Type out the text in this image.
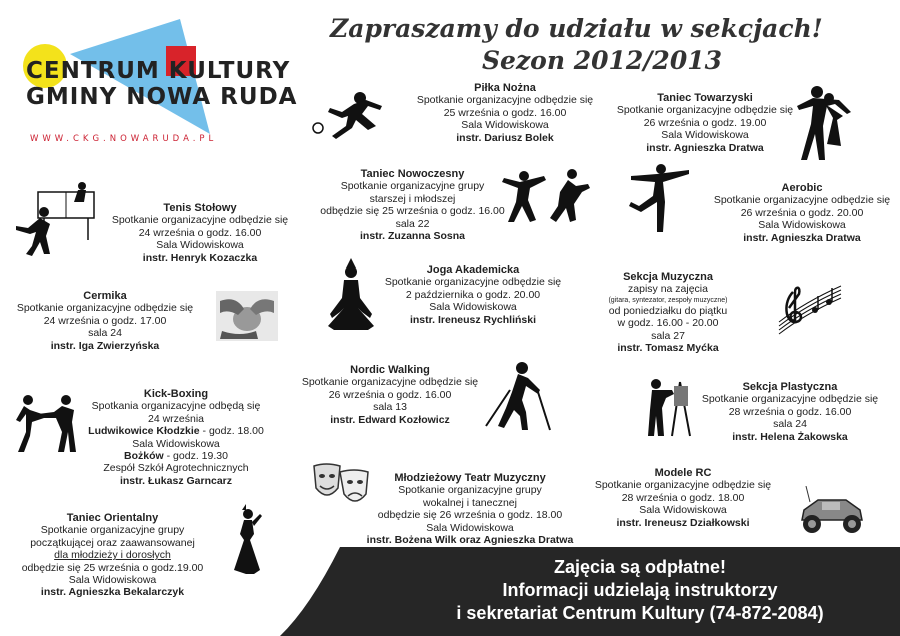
CENTRUM KULTURY
GMINY NOWA RUDA
WWW.CKG.NOWARUDA.PL
Zapraszamy do udziału w sekcjach!
Sezon 2012/2013
Piłka Nożna
Spotkanie organizacyjne odbędzie się
25 września o godz. 16.00
Sala Widowiskowa
instr. Dariusz Bolek
Taniec Towarzyski
Spotkanie organizacyjne odbędzie się
26 września o godz. 19.00
Sala Widowiskowa
instr. Agnieszka Dratwa
Taniec Nowoczesny
Spotkanie organizacyjne grupy
starszej i młodszej
odbędzie się 25 września o godz. 16.00
sala 22
instr. Zuzanna Sosna
Tenis Stołowy
Spotkanie organizacyjne odbędzie się
24 września o godz. 16.00
Sala Widowiskowa
instr. Henryk Kozaczka
Aerobic
Spotkanie organizacyjne odbędzie się
26 września o godz. 20.00
Sala Widowiskowa
instr. Agnieszka Dratwa
Joga Akademicka
Spotkanie organizacyjne odbędzie się
2 października o godz. 20.00
Sala Widowiskowa
instr. Ireneusz Rychliński
Cermika
Spotkanie organizacyjne odbędzie się
24 września o godz. 17.00
sala 24
instr. Iga Zwierzyńska
Sekcja Muzyczna
zapisy na zajęcia
(gitara, syntezator, zespoły muzyczne)
od poniedziałku do piątku
w godz. 16.00 - 20.00
sala 27
instr. Tomasz Myćka
Nordic Walking
Spotkanie organizacyjne odbędzie się
26 września o godz. 16.00
sala 13
instr. Edward Kozłowicz
Kick-Boxing
Spotkania organizacyjne odbędą się
24 września
Ludwikowice Kłodzkie - godz. 18.00
Sala Widowiskowa
Bożków - godz. 19.30
Zespół Szkół Agrotechnicznych
instr. Łukasz Garncarz
Sekcja Plastyczna
Spotkanie organizacyjne odbędzie się
28 września o godz. 16.00
sala 24
instr. Helena Żakowska
Młodzieżowy Teatr Muzyczny
Spotkanie organizacyjne grupy
wokalnej i tanecznej
odbędzie się 26 września o godz. 18.00
Sala Widowiskowa
instr. Bożena Wilk oraz Agnieszka Dratwa
Modele RC
Spotkanie organizacyjne odbędzie się
28 września o godz. 18.00
Sala Widowiskowa
instr. Ireneusz Działkowski
Taniec Orientalny
Spotkanie organizacyjne grupy
początkującej oraz zaawansowanej
dla młodzieży i dorosłych
odbędzie się 25 września o godz.19.00
Sala Widowiskowa
instr. Agnieszka Bekalarczyk
Zajęcia są odpłatne!
Informacji udzielają instruktorzy
i sekretariat Centrum Kultury (74-872-2084)
